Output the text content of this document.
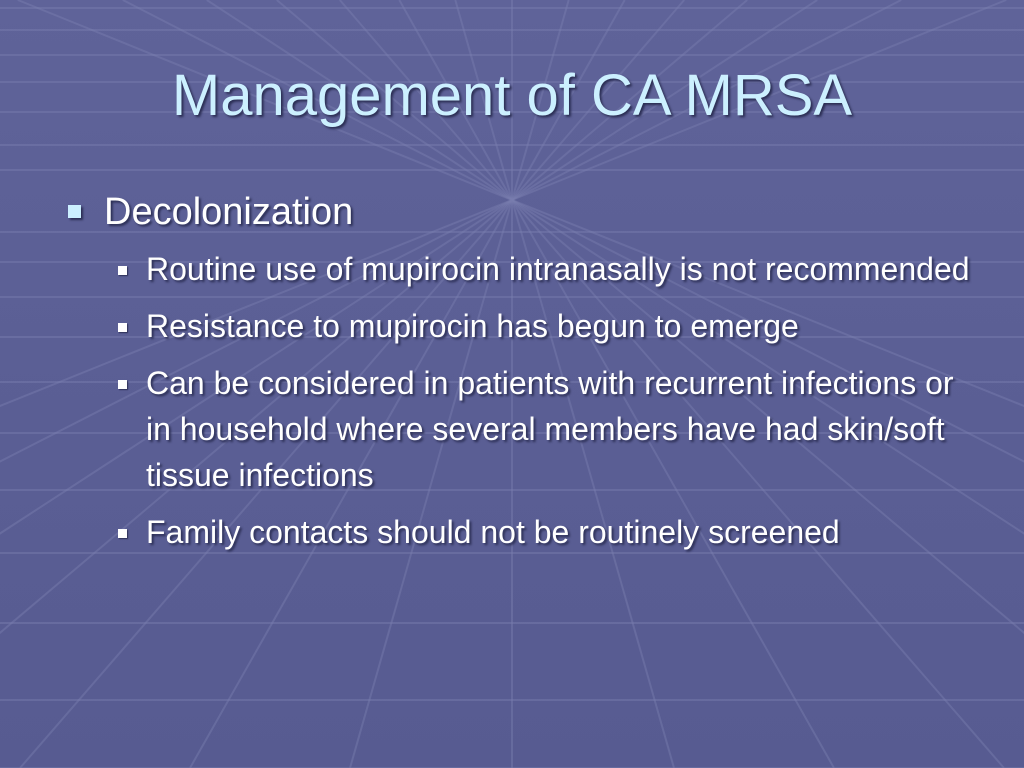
Management of CA MRSA
Decolonization
Routine use of mupirocin intranasally is not recommended
Resistance to mupirocin has begun to emerge
Can be considered in patients with recurrent infections or in household where several members have had skin/soft tissue infections
Family contacts should not be routinely screened
